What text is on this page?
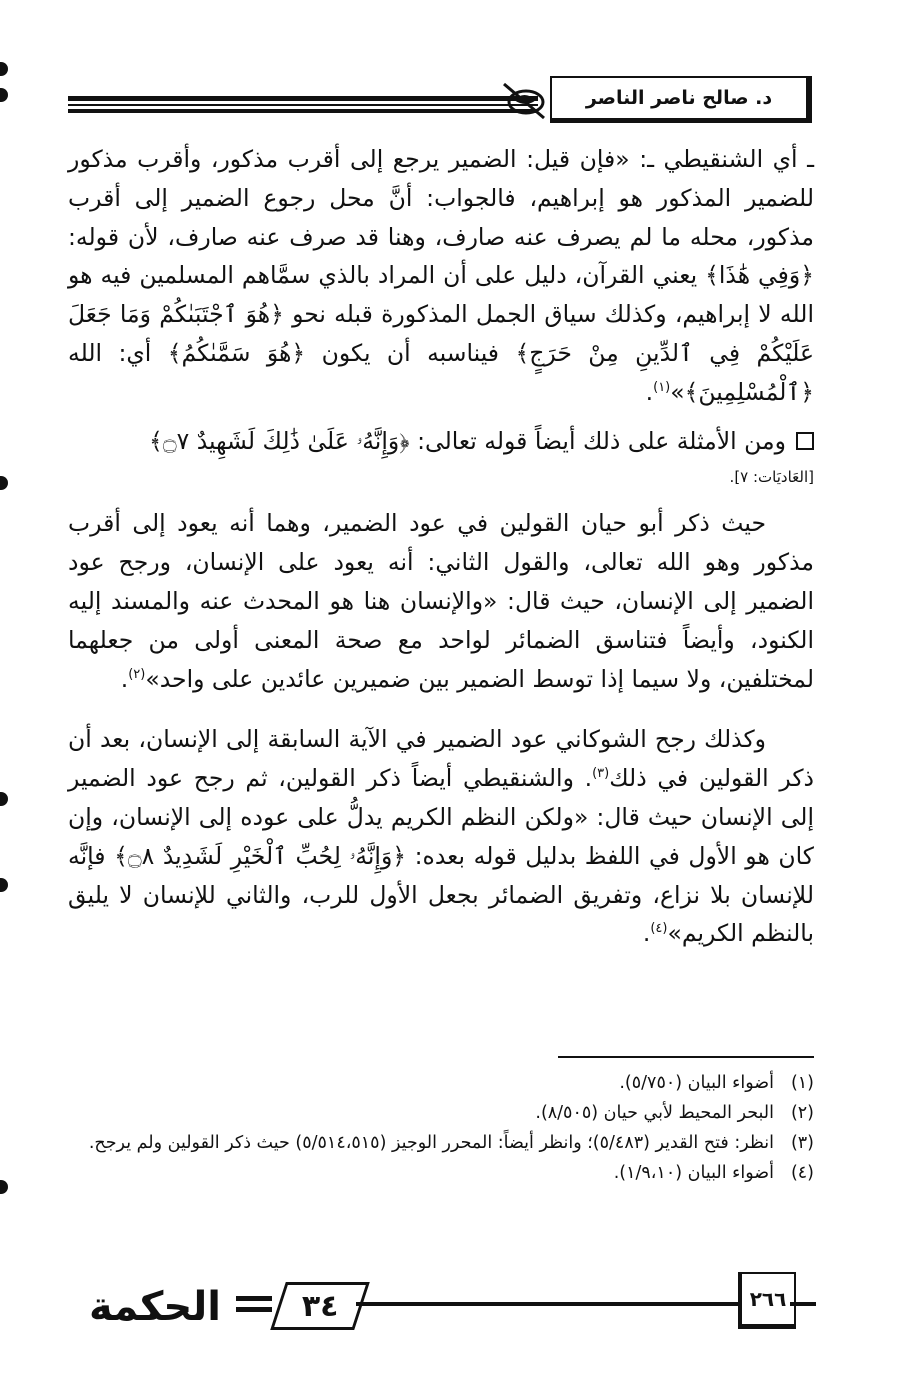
د. صالح ناصر الناصر

ـ أي الشنقيطي ـ: «فإن قيل: الضمير يرجع إلى أقرب مذكور، وأقرب مذكور للضمير المذكور هو إبراهيم، فالجواب: أنَّ محل رجوع الضمير إلى أقرب مذكور، محله ما لم يصرف عنه صارف، وهنا قد صرف عنه صارف، لأن قوله: ﴿وَفِي هَٰذَا﴾ يعني القرآن، دليل على أن المراد بالذي سمَّاهم المسلمين فيه هو الله لا إبراهيم، وكذلك سياق الجمل المذكورة قبله نحو ﴿هُوَ ٱجْتَبَىٰكُمْ وَمَا جَعَلَ عَلَيْكُمْ فِي ٱلدِّينِ مِنْ حَرَجٍ﴾ فيناسبه أن يكون ﴿هُوَ سَمَّىٰكُمُ﴾ أي: الله ﴿ٱلْمُسْلِمِينَ﴾»$^{(١)}$.

ومن الأمثلة على ذلك أيضاً قوله تعالى: ﴿وَإِنَّهُۥ عَلَىٰ ذَٰلِكَ لَشَهِيدٌ ۝٧﴾

[العَاديَات: ٧].

حيث ذكر أبو حيان القولين في عود الضمير، وهما أنه يعود إلى أقرب مذكور وهو الله تعالى، والقول الثاني: أنه يعود على الإنسان، ورجح عود الضمير إلى الإنسان، حيث قال: «والإنسان هنا هو المحدث عنه والمسند إليه الكنود، وأيضاً فتناسق الضمائر لواحد مع صحة المعنى أولى من جعلهما لمختلفين، ولا سيما إذا توسط الضمير بين ضميرين عائدين على واحد»$^{(٢)}$.

وكذلك رجح الشوكاني عود الضمير في الآية السابقة إلى الإنسان، بعد أن ذكر القولين في ذلك$^{(٣)}$. والشنقيطي أيضاً ذكر القولين، ثم رجح عود الضمير إلى الإنسان حيث قال: «ولكن النظم الكريم يدلُّ على عوده إلى الإنسان، وإن كان هو الأول في اللفظ بدليل قوله بعده: ﴿وَإِنَّهُۥ لِحُبِّ ٱلْخَيْرِ لَشَدِيدٌ ۝٨﴾ فإنَّه للإنسان بلا نزاع، وتفريق الضمائر بجعل الأول للرب، والثاني للإنسان لا يليق بالنظم الكريم»$^{(٤)}$.

(١)
أضواء البيان (٥/٧٥٠).
(٢)
البحر المحيط لأبي حيان (٨/٥٠٥).
(٣)
انظر: فتح القدير (٥/٤٨٣)؛ وانظر أيضاً: المحرر الوجيز (٥/٥١٤،٥١٥) حيث ذكر القولين ولم يرجح.
(٤)
أضواء البيان (١/٩،١٠).
الحكمة	٣٤	٢٦٦
